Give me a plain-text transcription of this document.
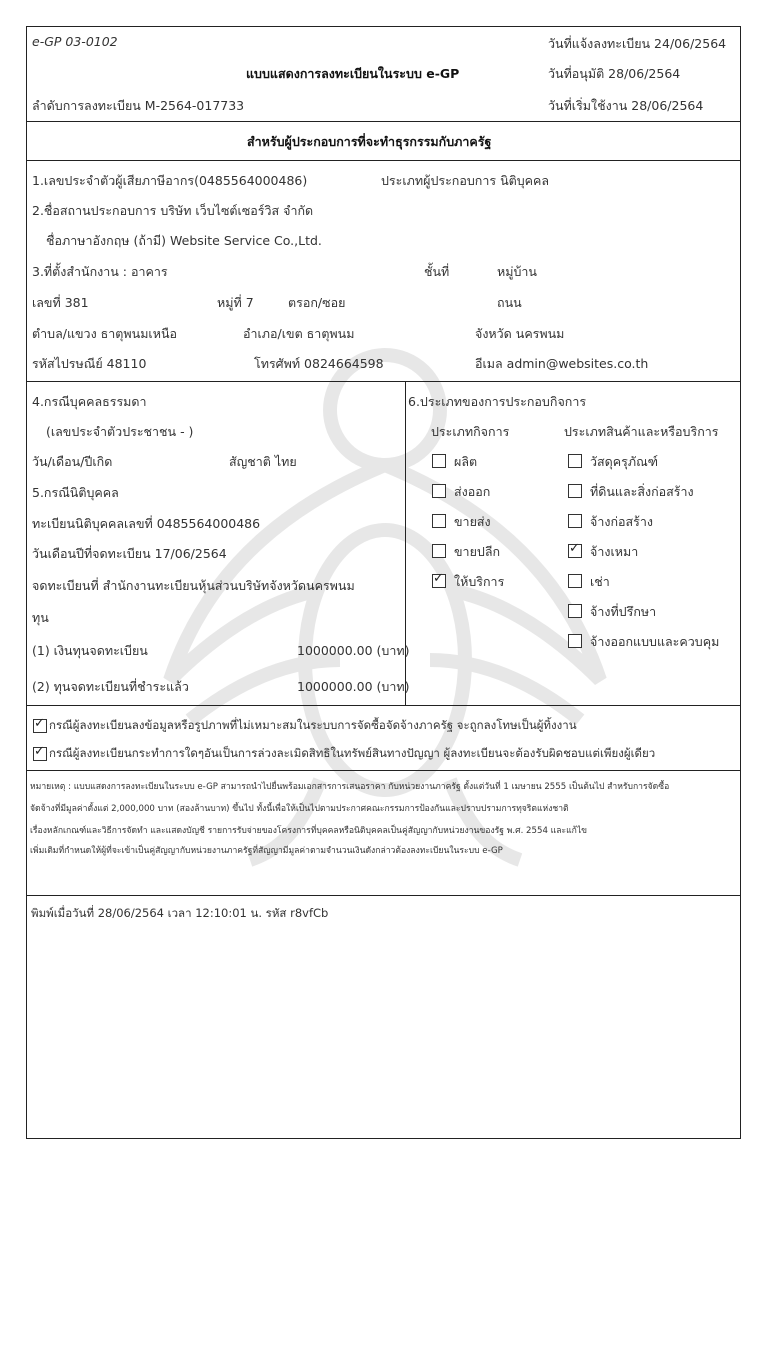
e-GP 03-0102
แบบแสดงการลงทะเบียนในระบบ e-GP
ลำดับการลงทะเบียน M-2564-017733
วันที่แจ้งลงทะเบียน 24/06/2564
วันที่อนุมัติ 28/06/2564
วันที่เริ่มใช้งาน 28/06/2564
สำหรับผู้ประกอบการที่จะทำธุรกรรมกับภาครัฐ
1.เลขประจำตัวผู้เสียภาษีอากร(0485564000486)	ประเภทผู้ประกอบการ นิติบุคคล
2.ชื่อสถานประกอบการ บริษัท เว็บไซต์เซอร์วิส จำกัด
ชื่อภาษาอังกฤษ (ถ้ามี) Website Service Co.,Ltd.
3.ที่ตั้งสำนักงาน : อาคาร	ชั้นที่	หมู่บ้าน
เลขที่ 381	หมู่ที่ 7	ตรอก/ซอย	ถนน
ตำบล/แขวง ธาตุพนมเหนือ	อำเภอ/เขต ธาตุพนม	จังหวัด นครพนม
รหัสไปรษณีย์ 48110	โทรศัพท์ 0824664598	อีเมล admin@websites.co.th
4.กรณีบุคคลธรรมดา
(เลขประจำตัวประชาชน - )
วัน/เดือน/ปีเกิด	สัญชาติ ไทย
5.กรณีนิติบุคคล
ทะเบียนนิติบุคคลเลขที่ 0485564000486
วันเดือนปีที่จดทะเบียน 17/06/2564
จดทะเบียนที่ สำนักงานทะเบียนหุ้นส่วนบริษัทจังหวัดนครพนม
ทุน
(1) เงินทุนจดทะเบียน	1000000.00 (บาท)
(2) ทุนจดทะเบียนที่ชำระแล้ว	1000000.00 (บาท)
6.ประเภทของการประกอบกิจการ
ประเภทกิจการ	ประเภทสินค้าและหรือบริการ
ผลิต
ส่งออก
ขายส่ง
ขายปลีก
✓ ให้บริการ
วัสดุครุภัณฑ์
ที่ดินและสิ่งก่อสร้าง
จ้างก่อสร้าง
✓ จ้างเหมา
เช่า
จ้างที่ปรึกษา
จ้างออกแบบและควบคุม
✓ กรณีผู้ลงทะเบียนลงข้อมูลหรือรูปภาพที่ไม่เหมาะสมในระบบการจัดซื้อจัดจ้างภาครัฐ จะถูกลงโทษเป็นผู้ทิ้งงาน
✓ กรณีผู้ลงทะเบียนกระทำการใดๆอันเป็นการล่วงละเมิดสิทธิในทรัพย์สินทางปัญญา ผู้ลงทะเบียนจะต้องรับผิดชอบแต่เพียงผู้เดียว
หมายเหตุ : แบบแสดงการลงทะเบียนในระบบ e-GP สามารถนำไปยื่นพร้อมเอกสารการเสนอราคา กับหน่วยงานภาครัฐ ตั้งแต่วันที่ 1 เมษายน 2555 เป็นต้นไป สำหรับการจัดซื้อ
จัดจ้างที่มีมูลค่าตั้งแต่ 2,000,000 บาท (สองล้านบาท) ขึ้นไป ทั้งนี้เพื่อให้เป็นไปตามประกาศคณะกรรมการป้องกันและปราบปรามการทุจริตแห่งชาติ
เรื่องหลักเกณฑ์และวิธีการจัดทำ และแสดงบัญชี รายการรับจ่ายของโครงการที่บุคคลหรือนิติบุคคลเป็นคู่สัญญากับหน่วยงานของรัฐ พ.ศ. 2554 และแก้ไข
เพิ่มเติมที่กำหนดให้ผู้ที่จะเข้าเป็นคู่สัญญากับหน่วยงานภาครัฐที่สัญญามีมูลค่าตามจำนวนเงินดังกล่าวต้องลงทะเบียนในระบบ e-GP
พิมพ์เมื่อวันที่ 28/06/2564 เวลา 12:10:01 น. รหัส r8vfCb
